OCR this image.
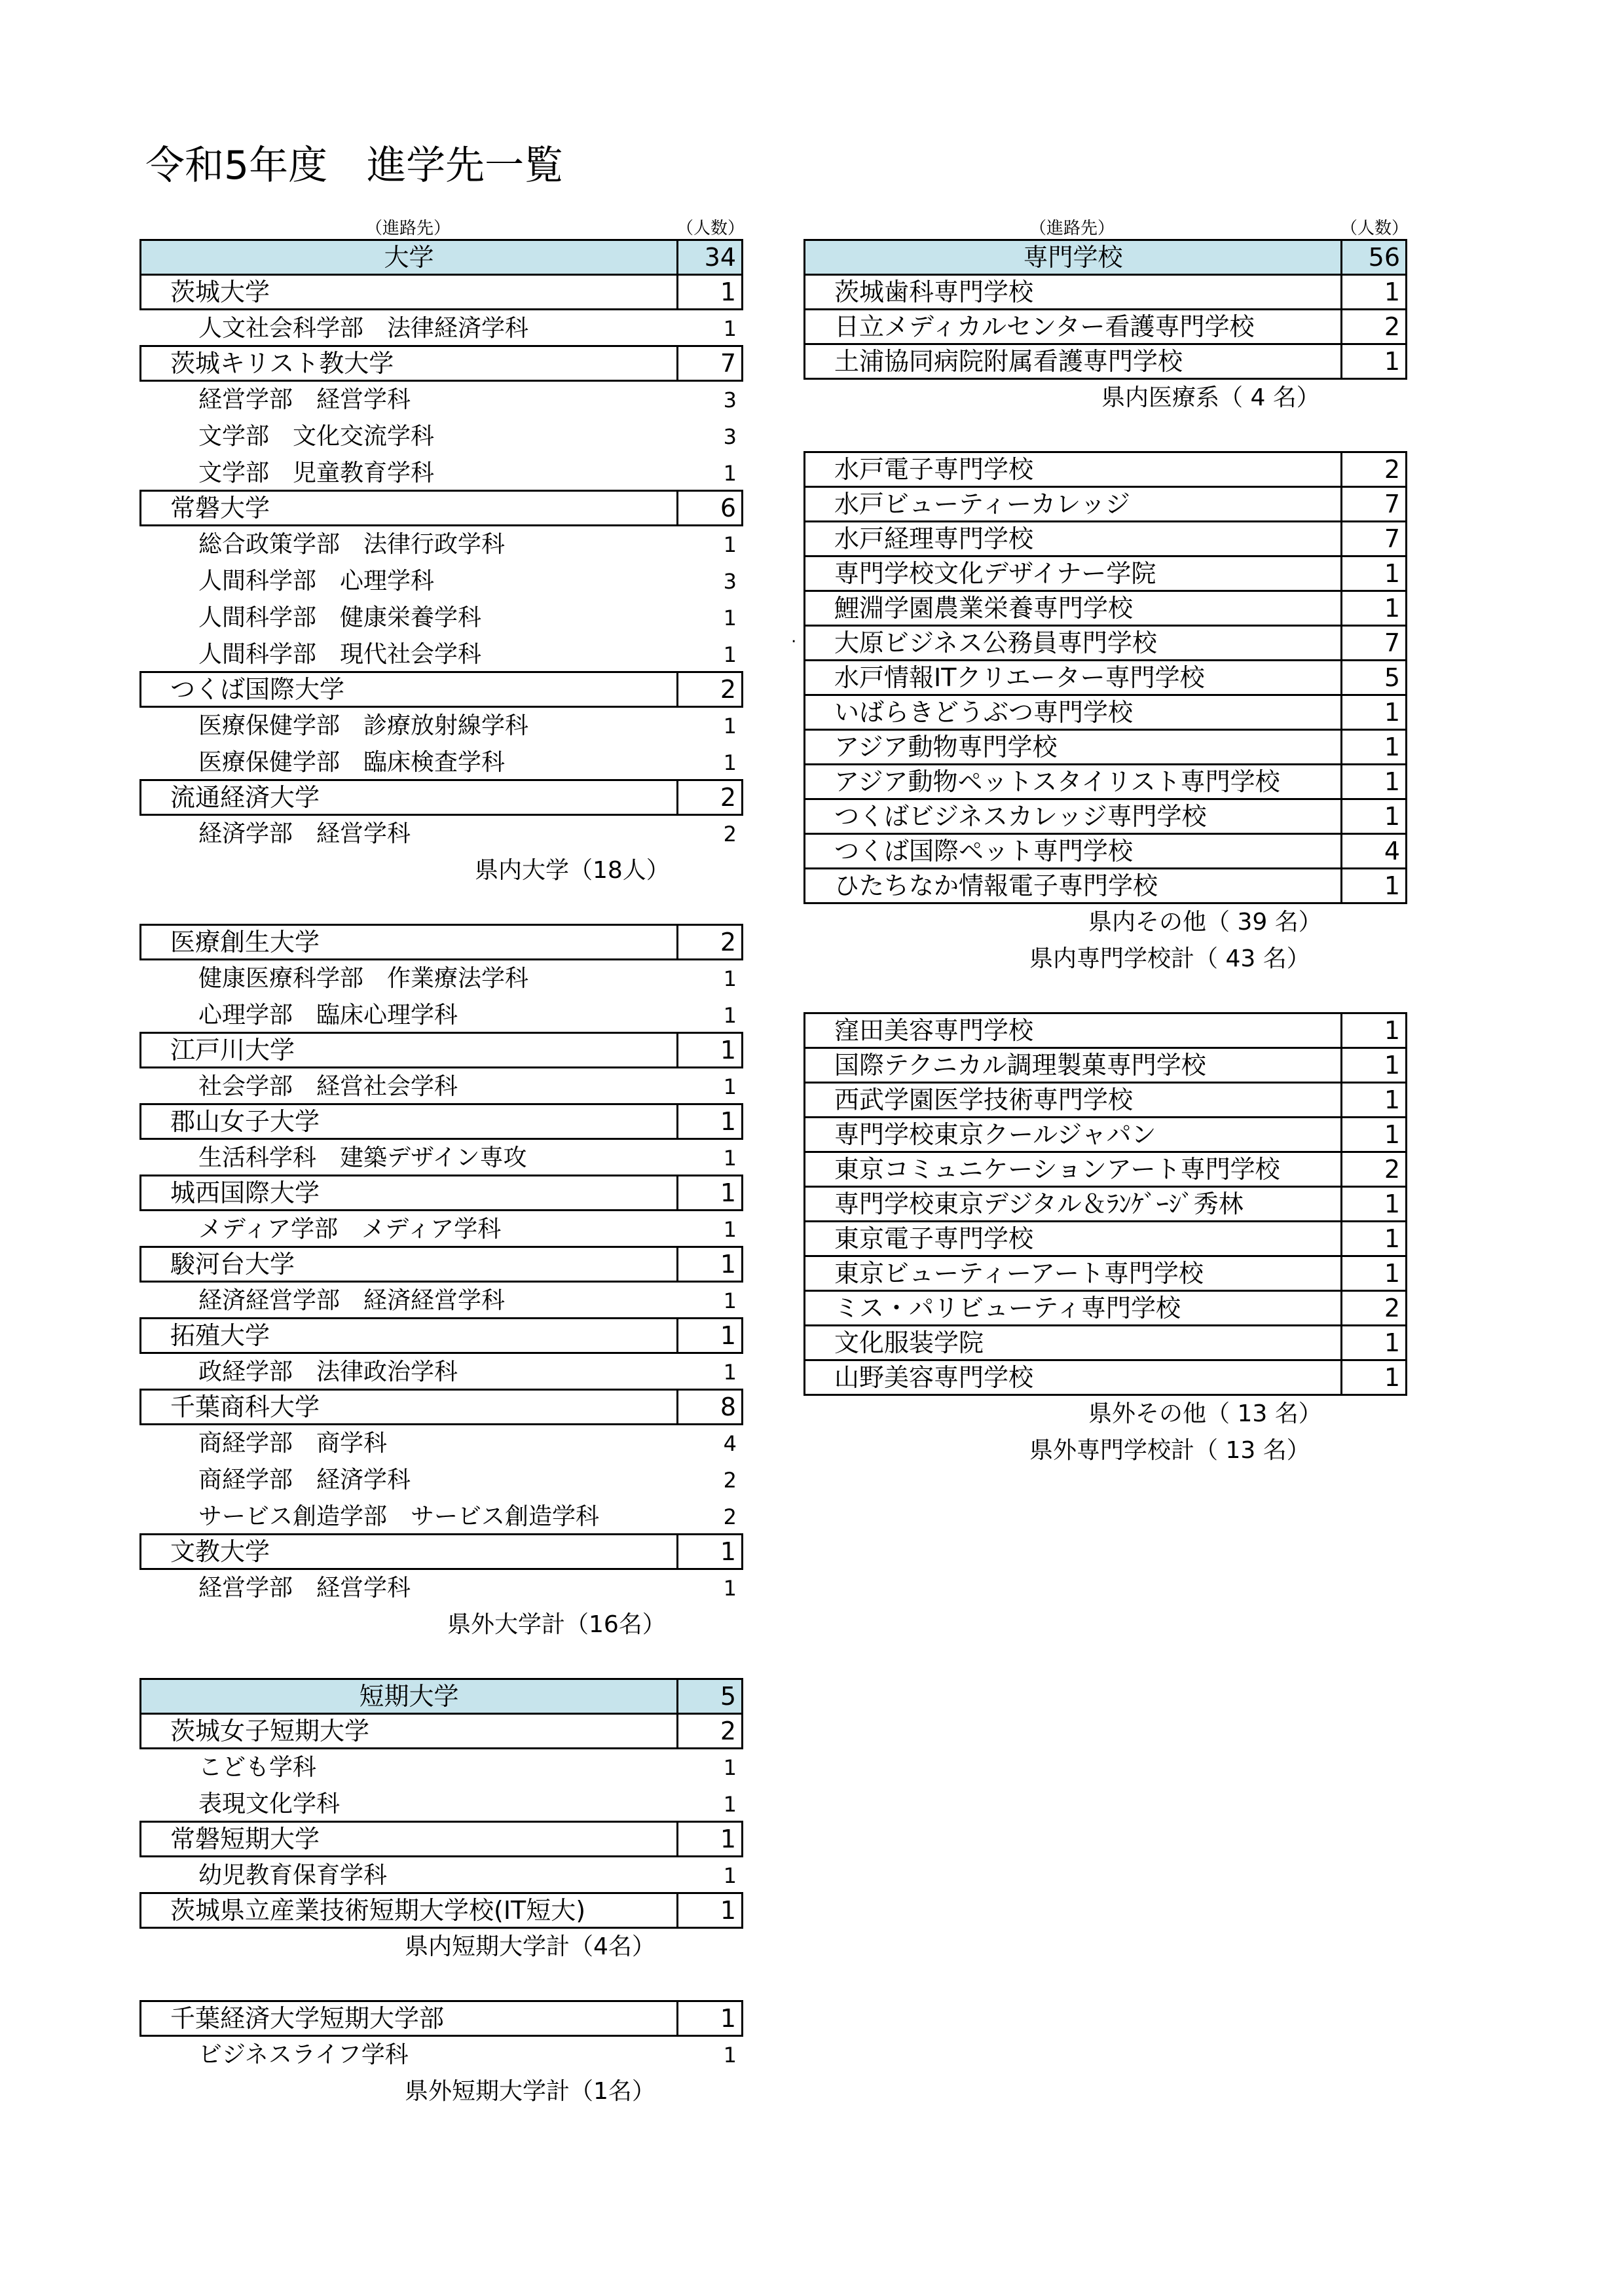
令和5年度　進学先一覧
（進路先）	（人数）
大学	34
茨城大学	1
人文社会科学部　法律経済学科	1
茨城キリスト教大学	7
経営学部　経営学科	3
文学部　文化交流学科	3
文学部　児童教育学科	1
常磐大学	6
総合政策学部　法律行政学科	1
人間科学部　心理学科	3
人間科学部　健康栄養学科	1
人間科学部　現代社会学科	1
つくば国際大学	2
医療保健学部　診療放射線学科	1
医療保健学部　臨床検査学科	1
流通経済大学	2
経済学部　経営学科	2
県内大学（18人）
医療創生大学	2
健康医療科学部　作業療法学科	1
心理学部　臨床心理学科	1
江戸川大学	1
社会学部　経営社会学科	1
郡山女子大学	1
生活科学科　建築デザイン専攻	1
城西国際大学	1
メディア学部　メディア学科	1
駿河台大学	1
経済経営学部　経済経営学科	1
拓殖大学	1
政経学部　法律政治学科	1
千葉商科大学	8
商経学部　商学科	4
商経学部　経済学科	2
サービス創造学部　サービス創造学科	2
文教大学	1
経営学部　経営学科	1
県外大学計（16名）
短期大学	5
茨城女子短期大学	2
こども学科	1
表現文化学科	1
常磐短期大学	1
幼児教育保育学科	1
茨城県立産業技術短期大学校(IT短大)	1
県内短期大学計（4名）
千葉経済大学短期大学部	1
ビジネスライフ学科	1
県外短期大学計（1名）
（進路先）	（人数）
専門学校	56
茨城歯科専門学校	1
日立メディカルセンター看護専門学校	2
土浦協同病院附属看護専門学校	1
県内医療系（ 4 名）
水戸電子専門学校	2
水戸ビューティーカレッジ	7
水戸経理専門学校	7
専門学校文化デザイナー学院	1
鯉淵学園農業栄養専門学校	1
大原ビジネス公務員専門学校	7
水戸情報ITクリエーター専門学校	5
いばらきどうぶつ専門学校	1
アジア動物専門学校	1
アジア動物ペットスタイリスト専門学校	1
つくばビジネスカレッジ専門学校	1
つくば国際ペット専門学校	4
ひたちなか情報電子専門学校	1
県内その他（ 39 名）
県内専門学校計（ 43 名）
窪田美容専門学校	1
国際テクニカル調理製菓専門学校	1
西武学園医学技術専門学校	1
専門学校東京クールジャパン	1
東京コミュニケーションアート専門学校	2
専門学校東京デジタル＆ﾗﾝｹﾞｰｼﾞ秀林	1
東京電子専門学校	1
東京ビューティーアート専門学校	1
ミス・パリビューティ専門学校	2
文化服装学院	1
山野美容専門学校	1
県外その他（ 13 名）
県外専門学校計（ 13 名）
.
